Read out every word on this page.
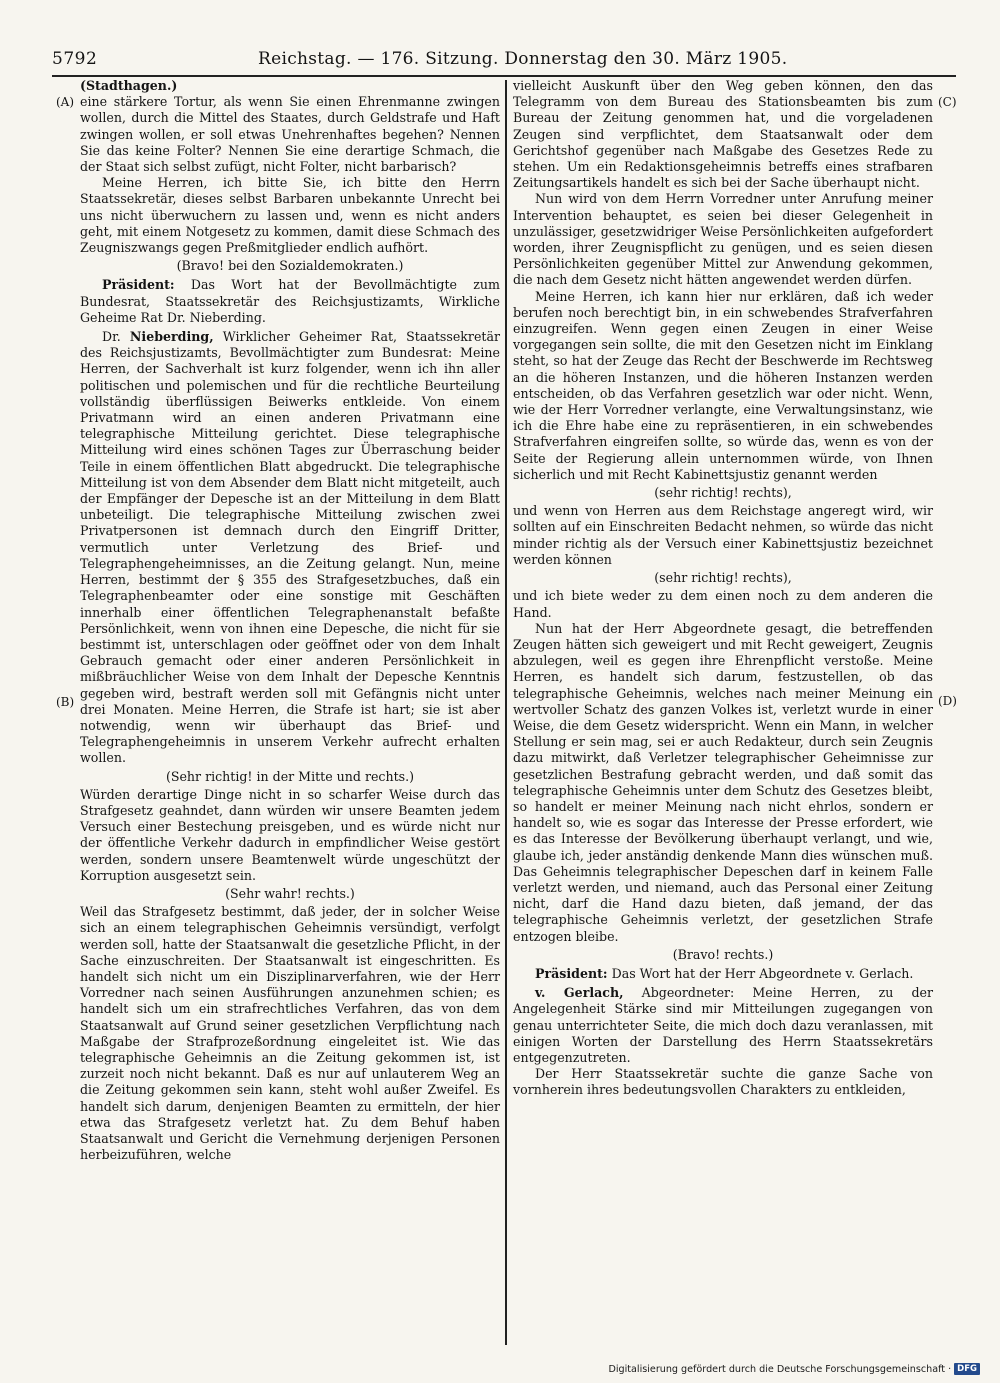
5792	Reichstag. — 176. Sitzung. Donnerstag den 30. März 1905.
(A)
(B)
(C)
(D)

(Stadthagen.)

eine stärkere Tortur, als wenn Sie einen Ehrenmanne zwingen wollen, durch die Mittel des Staates, durch Geldstrafe und Haft zwingen wollen, er soll etwas Unehrenhaftes begehen? Nennen Sie das keine Folter? Nennen Sie eine derartige Schmach, die der Staat sich selbst zufügt, nicht Folter, nicht barbarisch?

Meine Herren, ich bitte Sie, ich bitte den Herrn Staatssekretär, dieses selbst Barbaren unbekannte Unrecht bei uns nicht überwuchern zu lassen und, wenn es nicht anders geht, mit einem Notgesetz zu kommen, damit diese Schmach des Zeugniszwangs gegen Preßmitglieder endlich aufhört.

(Bravo! bei den Sozialdemokraten.)

Präsident: Das Wort hat der Bevollmächtigte zum Bundesrat, Staatssekretär des Reichsjustizamts, Wirkliche Geheime Rat Dr. Nieberding.

Dr. Nieberding, Wirklicher Geheimer Rat, Staatssekretär des Reichsjustizamts, Bevollmächtigter zum Bundesrat: Meine Herren, der Sachverhalt ist kurz folgender, wenn ich ihn aller politischen und polemischen und für die rechtliche Beurteilung vollständig überflüssigen Beiwerks entkleide. Von einem Privatmann wird an einen anderen Privatmann eine telegraphische Mitteilung gerichtet. Diese telegraphische Mitteilung wird eines schönen Tages zur Überraschung beider Teile in einem öffentlichen Blatt abgedruckt. Die telegraphische Mitteilung ist von dem Absender dem Blatt nicht mitgeteilt, auch der Empfänger der Depesche ist an der Mitteilung in dem Blatt unbeteiligt. Die telegraphische Mitteilung zwischen zwei Privatpersonen ist demnach durch den Eingriff Dritter, vermutlich unter Verletzung des Brief- und Telegraphengeheimnisses, an die Zeitung gelangt. Nun, meine Herren, bestimmt der § 355 des Strafgesetzbuches, daß ein Telegraphenbeamter oder eine sonstige mit Geschäften innerhalb einer öffentlichen Telegraphenanstalt befaßte Persönlichkeit, wenn von ihnen eine Depesche, die nicht für sie bestimmt ist, unterschlagen oder geöffnet oder von dem Inhalt Gebrauch gemacht oder einer anderen Persönlichkeit in mißbräuchlicher Weise von dem Inhalt der Depesche Kenntnis gegeben wird, bestraft werden soll mit Gefängnis nicht unter drei Monaten. Meine Herren, die Strafe ist hart; sie ist aber notwendig, wenn wir überhaupt das Brief- und Telegraphengeheimnis in unserem Verkehr aufrecht erhalten wollen.

(Sehr richtig! in der Mitte und rechts.)

Würden derartige Dinge nicht in so scharfer Weise durch das Strafgesetz geahndet, dann würden wir unsere Beamten jedem Versuch einer Bestechung preisgeben, und es würde nicht nur der öffentliche Verkehr dadurch in empfindlicher Weise gestört werden, sondern unsere Beamtenwelt würde ungeschützt der Korruption ausgesetzt sein.

(Sehr wahr! rechts.)

Weil das Strafgesetz bestimmt, daß jeder, der in solcher Weise sich an einem telegraphischen Geheimnis versündigt, verfolgt werden soll, hatte der Staatsanwalt die gesetzliche Pflicht, in der Sache einzuschreiten. Der Staatsanwalt ist eingeschritten. Es handelt sich nicht um ein Disziplinarverfahren, wie der Herr Vorredner nach seinen Ausführungen anzunehmen schien; es handelt sich um ein strafrechtliches Verfahren, das von dem Staatsanwalt auf Grund seiner gesetzlichen Verpflichtung nach Maßgabe der Strafprozeßordnung eingeleitet ist. Wie das telegraphische Geheimnis an die Zeitung gekommen ist, ist zurzeit noch nicht bekannt. Daß es nur auf unlauterem Weg an die Zeitung gekommen sein kann, steht wohl außer Zweifel. Es handelt sich darum, denjenigen Beamten zu ermitteln, der hier etwa das Strafgesetz verletzt hat. Zu dem Behuf haben Staatsanwalt und Gericht die Vernehmung derjenigen Personen herbeizuführen, welche

vielleicht Auskunft über den Weg geben können, den das Telegramm von dem Bureau des Stationsbeamten bis zum Bureau der Zeitung genommen hat, und die vorgeladenen Zeugen sind verpflichtet, dem Staatsanwalt oder dem Gerichtshof gegenüber nach Maßgabe des Gesetzes Rede zu stehen. Um ein Redaktionsgeheimnis betreffs eines strafbaren Zeitungsartikels handelt es sich bei der Sache überhaupt nicht.

Nun wird von dem Herrn Vorredner unter Anrufung meiner Intervention behauptet, es seien bei dieser Gelegenheit in unzulässiger, gesetzwidriger Weise Persönlichkeiten aufgefordert worden, ihrer Zeugnispflicht zu genügen, und es seien diesen Persönlichkeiten gegenüber Mittel zur Anwendung gekommen, die nach dem Gesetz nicht hätten angewendet werden dürfen.

Meine Herren, ich kann hier nur erklären, daß ich weder berufen noch berechtigt bin, in ein schwebendes Strafverfahren einzugreifen. Wenn gegen einen Zeugen in einer Weise vorgegangen sein sollte, die mit den Gesetzen nicht im Einklang steht, so hat der Zeuge das Recht der Beschwerde im Rechtsweg an die höheren Instanzen, und die höheren Instanzen werden entscheiden, ob das Verfahren gesetzlich war oder nicht. Wenn, wie der Herr Vorredner verlangte, eine Verwaltungsinstanz, wie ich die Ehre habe eine zu repräsentieren, in ein schwebendes Strafverfahren eingreifen sollte, so würde das, wenn es von der Seite der Regierung allein unternommen würde, von Ihnen sicherlich und mit Recht Kabinettsjustiz genannt werden

(sehr richtig! rechts),

und wenn von Herren aus dem Reichstage angeregt wird, wir sollten auf ein Einschreiten Bedacht nehmen, so würde das nicht minder richtig als der Versuch einer Kabinettsjustiz bezeichnet werden können

(sehr richtig! rechts),

und ich biete weder zu dem einen noch zu dem anderen die Hand.

Nun hat der Herr Abgeordnete gesagt, die betreffenden Zeugen hätten sich geweigert und mit Recht geweigert, Zeugnis abzulegen, weil es gegen ihre Ehrenpflicht verstoße. Meine Herren, es handelt sich darum, festzustellen, ob das telegraphische Geheimnis, welches nach meiner Meinung ein wertvoller Schatz des ganzen Volkes ist, verletzt wurde in einer Weise, die dem Gesetz widerspricht. Wenn ein Mann, in welcher Stellung er sein mag, sei er auch Redakteur, durch sein Zeugnis dazu mitwirkt, daß Verletzer telegraphischer Geheimnisse zur gesetzlichen Bestrafung gebracht werden, und daß somit das telegraphische Geheimnis unter dem Schutz des Gesetzes bleibt, so handelt er meiner Meinung nach nicht ehrlos, sondern er handelt so, wie es sogar das Interesse der Presse erfordert, wie es das Interesse der Bevölkerung überhaupt verlangt, und wie, glaube ich, jeder anständig denkende Mann dies wünschen muß. Das Geheimnis telegraphischer Depeschen darf in keinem Falle verletzt werden, und niemand, auch das Personal einer Zeitung nicht, darf die Hand dazu bieten, daß jemand, der das telegraphische Geheimnis verletzt, der gesetzlichen Strafe entzogen bleibe.

(Bravo! rechts.)

Präsident: Das Wort hat der Herr Abgeordnete v. Gerlach.

v. Gerlach, Abgeordneter: Meine Herren, zu der Angelegenheit Stärke sind mir Mitteilungen zugegangen von genau unterrichteter Seite, die mich doch dazu veranlassen, mit einigen Worten der Darstellung des Herrn Staatssekretärs entgegenzutreten.

Der Herr Staatssekretär suchte die ganze Sache von vornherein ihres bedeutungsvollen Charakters zu entkleiden,

Digitalisierung gefördert durch die Deutsche Forschungsgemeinschaft · DFG
